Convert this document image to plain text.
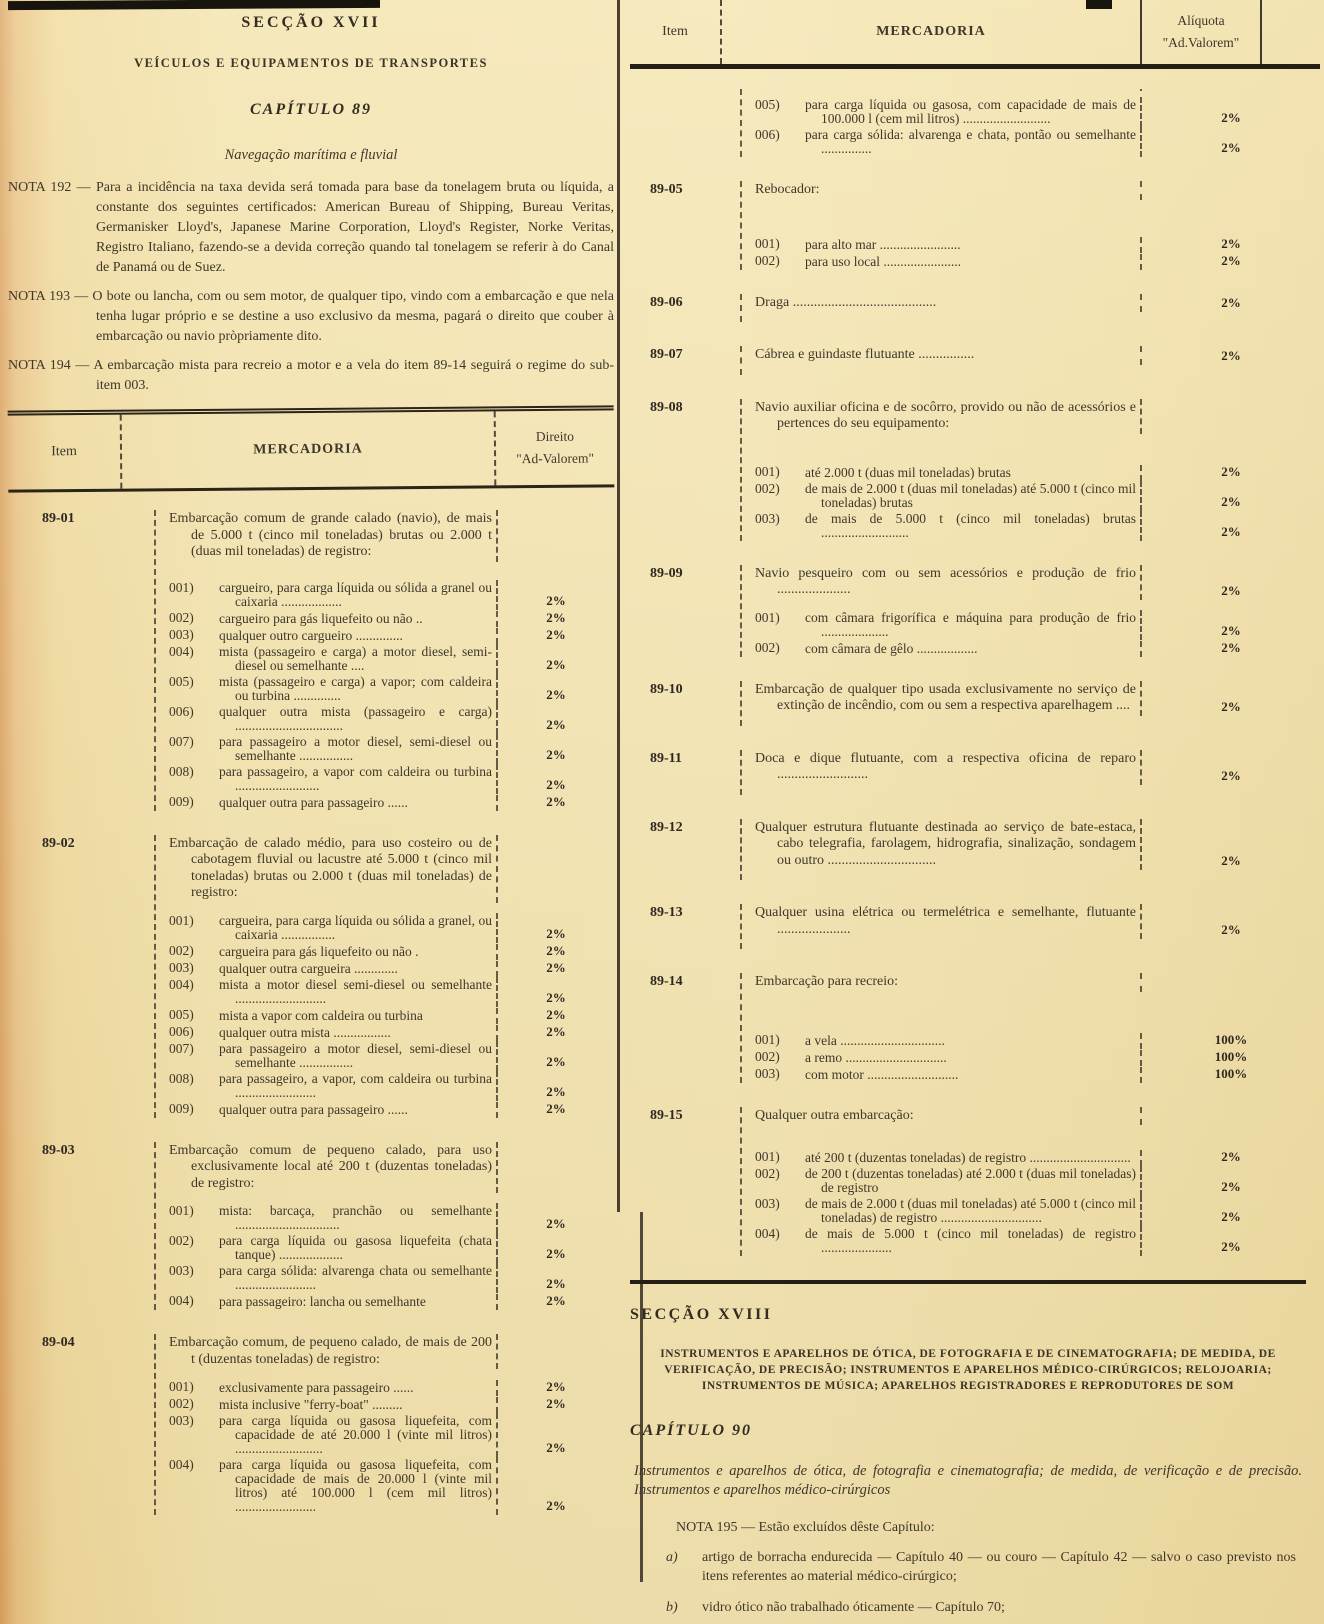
SECÇÃO XVII
VEÍCULOS E EQUIPAMENTOS DE TRANSPORTES
CAPÍTULO 89
Navegação marítima e fluvial

NOTA 192 — Para a incidência na taxa devida será tomada para base da tonelagem bruta ou líquida, a constante dos seguintes certificados: American Bureau of Shipping, Bureau Veritas, Germanisker Lloyd's, Japanese Marine Corporation, Lloyd's Register, Norke Veritas, Registro Italiano, fazendo-se a devida correção quando tal tonelagem se referir à do Canal de Panamá ou de Suez.

NOTA 193 — O bote ou lancha, com ou sem motor, de qualquer tipo, vindo com a embarcação e que nela tenha lugar próprio e se destine a uso exclusivo da mesma, pagará o direito que couber à embarcação ou navio pròpriamente dito.

NOTA 194 — A embarcação mista para recreio a motor e a vela do item 89-14 seguirá o regime do sub-item 003.

Item	MERCADORIA
Direito
"Ad-Valorem"
89-01	Embarcação comum de grande calado (navio), de mais de 5.000 t (cinco mil toneladas) brutas ou 2.000 t (duas mil toneladas) de registro:
001)	cargueiro, para carga líquida ou sólida a granel ou caixaria ..................	2%
002)	cargueiro para gás liquefeito ou não ..	2%
003)	qualquer outro cargueiro ..............	2%
004)	mista (passageiro e carga) a motor diesel, semi-diesel ou semelhante ....	2%
005)	mista (passageiro e carga) a vapor; com caldeira ou turbina ..............	2%
006)	qualquer outra mista (passageiro e carga) ................................	2%
007)	para passageiro a motor diesel, semi-diesel ou semelhante ................	2%
008)	para passageiro, a vapor com caldeira ou turbina .........................	2%
009)	qualquer outra para passageiro ......	2%
89-02	Embarcação de calado médio, para uso costeiro ou de cabotagem fluvial ou lacustre até 5.000 t (cinco mil toneladas) brutas ou 2.000 t (duas mil toneladas) de registro:
001)	cargueira, para carga líquida ou sólida a granel, ou caixaria ................	2%
002)	cargueira para gás liquefeito ou não .	2%
003)	qualquer outra cargueira .............	2%
004)	mista a motor diesel semi-diesel ou semelhante ...........................	2%
005)	mista a vapor com caldeira ou turbina	2%
006)	qualquer outra mista .................	2%
007)	para passageiro a motor diesel, semi-diesel ou semelhante ................	2%
008)	para passageiro, a vapor, com caldeira ou turbina ........................	2%
009)	qualquer outra para passageiro ......	2%
89-03	Embarcação comum de pequeno calado, para uso exclusivamente local até 200 t (duzentas toneladas) de registro:
001)	mista: barcaça, pranchão ou semelhante ...............................	2%
002)	para carga líquida ou gasosa liquefeita (chata tanque) ...................	2%
003)	para carga sólida: alvarenga chata ou semelhante ........................	2%
004)	para passageiro: lancha ou semelhante	2%
89-04	Embarcação comum, de pequeno calado, de mais de 200 t (duzentas toneladas) de registro:
001)	exclusivamente para passageiro ......	2%
002)	mista inclusive "ferry-boat" .........	2%
003)	para carga líquida ou gasosa liquefeita, com capacidade de até 20.000 l (vinte mil litros) ..........................	2%
004)	para carga líquida ou gasosa liquefeita, com capacidade de mais de 20.000 l (vinte mil litros) até 100.000 l (cem mil litros) ........................	2%
Item	MERCADORIA
Alíquota
"Ad.Valorem"
005)	para carga líquida ou gasosa, com capacidade de mais de 100.000 l (cem mil litros) ..........................	2%
006)	para carga sólida: alvarenga e chata, pontão ou semelhante ...............	2%
89-05	Rebocador:
001)	para alto mar ........................	2%
002)	para uso local .......................	2%
89-06	Draga .........................................	2%
89-07	Cábrea e guindaste flutuante ................	2%
89-08	Navio auxiliar oficina e de socôrro, provido ou não de acessórios e pertences do seu equipamento:
001)	até 2.000 t (duas mil toneladas) brutas	2%
002)	de mais de 2.000 t (duas mil toneladas) até 5.000 t (cinco mil toneladas) brutas	2%
003)	de mais de 5.000 t (cinco mil toneladas) brutas ..........................	2%
89-09	Navio pesqueiro com ou sem acessórios e produção de frio .....................	2%
001)	com câmara frigorífica e máquina para produção de frio ....................	2%
002)	com câmara de gêlo ..................	2%
89-10	Embarcação de qualquer tipo usada exclusivamente no serviço de extinção de incêndio, com ou sem a respectiva aparelhagem ....	2%
89-11	Doca e dique flutuante, com a respectiva oficina de reparo ..........................	2%
89-12	Qualquer estrutura flutuante destinada ao serviço de bate-estaca, cabo telegrafia, farolagem, hidrografia, sinalização, sondagem ou outro ...............................	2%
89-13	Qualquer usina elétrica ou termelétrica e semelhante, flutuante .....................	2%
89-14	Embarcação para recreio:
001)	a vela ...............................	100%
002)	a remo ..............................	100%
003)	com motor ...........................	100%
89-15	Qualquer outra embarcação:
001)	até 200 t (duzentas toneladas) de registro ..............................	2%
002)	de 200 t (duzentas toneladas) até 2.000 t (duas mil toneladas) de registro	2%
003)	de mais de 2.000 t (duas mil toneladas) até 5.000 t (cinco mil toneladas) de registro ..............................	2%
004)	de mais de 5.000 t (cinco mil toneladas) de registro .....................	2%
SECÇÃO XVIII
INSTRUMENTOS E APARELHOS DE ÓTICA, DE FOTOGRAFIA E DE CINEMATOGRAFIA; DE MEDIDA, DE VERIFICAÇÃO, DE PRECISÃO; INSTRUMENTOS E APARELHOS MÉDICO-CIRÚRGICOS; RELOJOARIA; INSTRUMENTOS DE MÚSICA; APARELHOS REGISTRADORES E REPRODUTORES DE SOM
CAPÍTULO 90
Instrumentos e aparelhos de ótica, de fotografia e cinematografia; de medida, de verificação e de precisão. Instrumentos e aparelhos médico-cirúrgicos
NOTA 195 — Estão excluídos dêste Capítulo:
a)	artigo de borracha endurecida — Capítulo 40 — ou couro — Capítulo 42 — salvo o caso previsto nos itens referentes ao material médico-cirúrgico;
b)	vidro ótico não trabalhado óticamente — Capítulo 70;
